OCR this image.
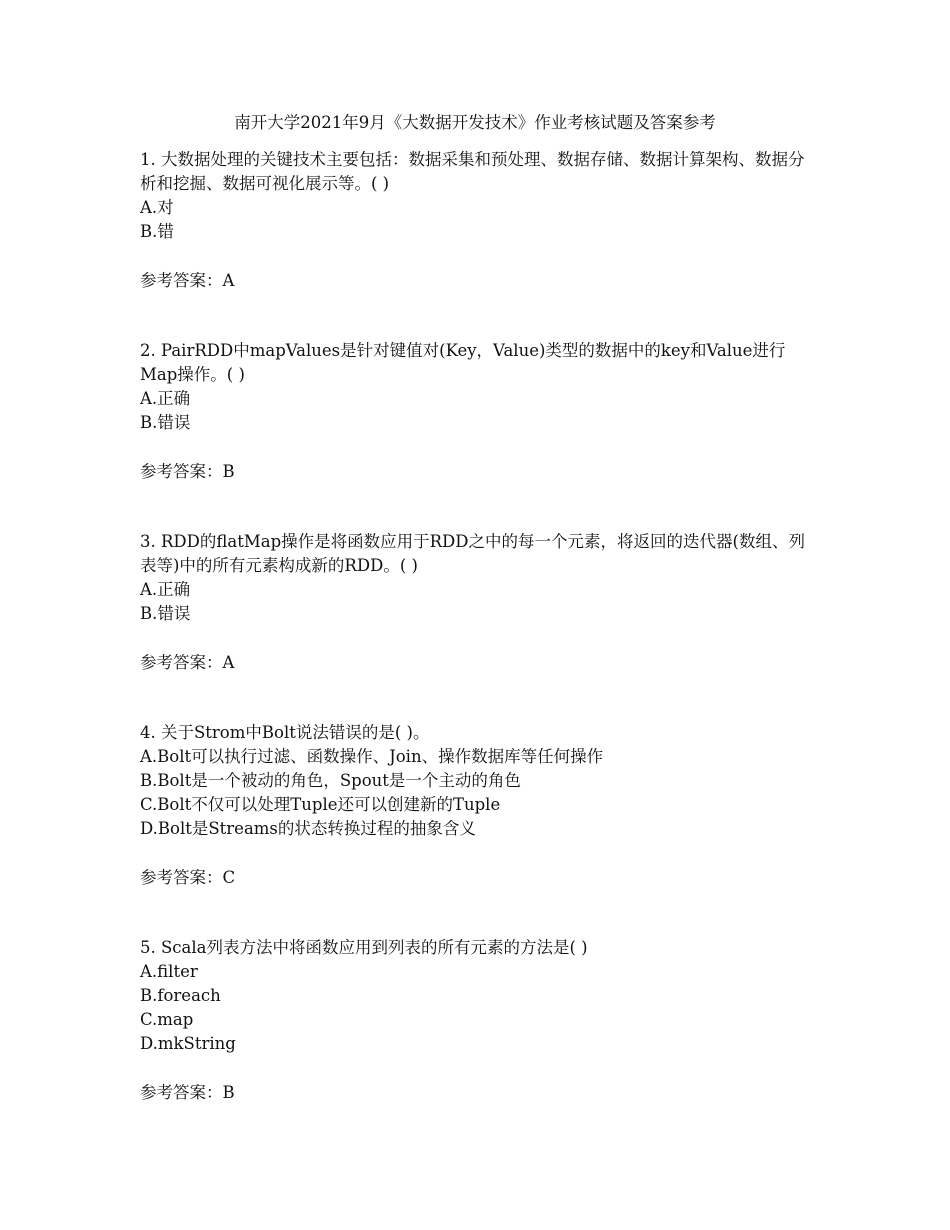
南开大学2021年9月《大数据开发技术》作业考核试题及答案参考

1. 大数据处理的关键技术主要包括：数据采集和预处理、数据存储、数据计算架构、数据分析和挖掘、数据可视化展示等。( )

A.对

B.错

参考答案：A

2. PairRDD中mapValues是针对键值对(Key，Value)类型的数据中的key和Value进行Map操作。( )

A.正确

B.错误

参考答案：B

3. RDD的flatMap操作是将函数应用于RDD之中的每一个元素，将返回的迭代器(数组、列表等)中的所有元素构成新的RDD。( )

A.正确

B.错误

参考答案：A

4. 关于Strom中Bolt说法错误的是( )。

A.Bolt可以执行过滤、函数操作、Join、操作数据库等任何操作

B.Bolt是一个被动的角色，Spout是一个主动的角色

C.Bolt不仅可以处理Tuple还可以创建新的Tuple

D.Bolt是Streams的状态转换过程的抽象含义

参考答案：C

5. Scala列表方法中将函数应用到列表的所有元素的方法是( )

A.filter

B.foreach

C.map

D.mkString

参考答案：B
